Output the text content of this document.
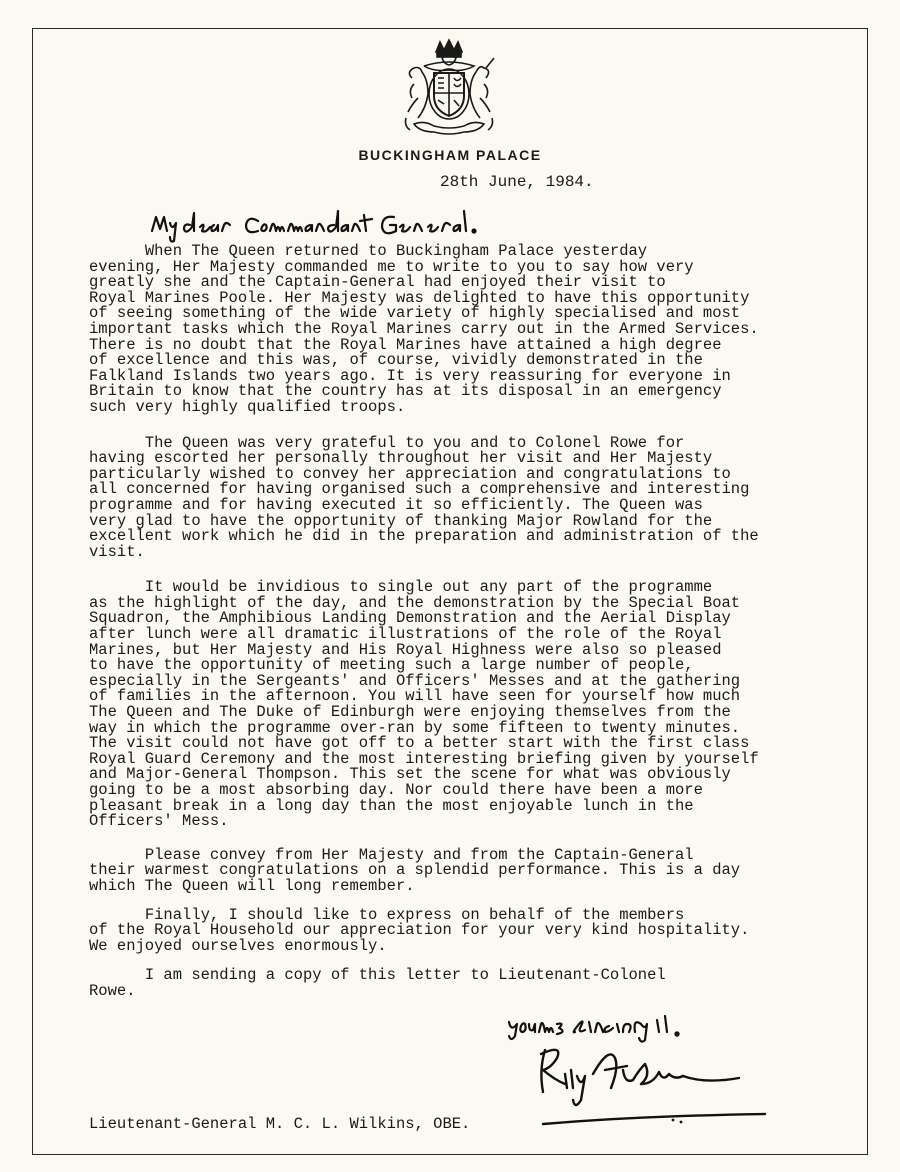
BUCKINGHAM PALACE
28th June, 1984.

When The Queen returned to Buckingham Palace yesterday
evening, Her Majesty commanded me to write to you to say how very
greatly she and the Captain-General had enjoyed their visit to
Royal Marines Poole. Her Majesty was delighted to have this opportunity
of seeing something of the wide variety of highly specialised and most
important tasks which the Royal Marines carry out in the Armed Services.
There is no doubt that the Royal Marines have attained a high degree
of excellence and this was, of course, vividly demonstrated in the
Falkland Islands two years ago. It is very reassuring for everyone in
Britain to know that the country has at its disposal in an emergency
such very highly qualified troops.

The Queen was very grateful to you and to Colonel Rowe for
having escorted her personally throughout her visit and Her Majesty
particularly wished to convey her appreciation and congratulations to
all concerned for having organised such a comprehensive and interesting
programme and for having executed it so efficiently. The Queen was
very glad to have the opportunity of thanking Major Rowland for the
excellent work which he did in the preparation and administration of the
visit.

It would be invidious to single out any part of the programme
as the highlight of the day, and the demonstration by the Special Boat
Squadron, the Amphibious Landing Demonstration and the Aerial Display
after lunch were all dramatic illustrations of the role of the Royal
Marines, but Her Majesty and His Royal Highness were also so pleased
to have the opportunity of meeting such a large number of people,
especially in the Sergeants' and Officers' Messes and at the gathering
of families in the afternoon. You will have seen for yourself how much
The Queen and The Duke of Edinburgh were enjoying themselves from the
way in which the programme over-ran by some fifteen to twenty minutes.
The visit could not have got off to a better start with the first class
Royal Guard Ceremony and the most interesting briefing given by yourself
and Major-General Thompson. This set the scene for what was obviously
going to be a most absorbing day. Nor could there have been a more
pleasant break in a long day than the most enjoyable lunch in the
Officers' Mess.

Please convey from Her Majesty and from the Captain-General
their warmest congratulations on a splendid performance. This is a day
which The Queen will long remember.

Finally, I should like to express on behalf of the members
of the Royal Household our appreciation for your very kind hospitality.
We enjoyed ourselves enormously.

I am sending a copy of this letter to Lieutenant-Colonel
Rowe.

Lieutenant-General M. C. L. Wilkins, OBE.
